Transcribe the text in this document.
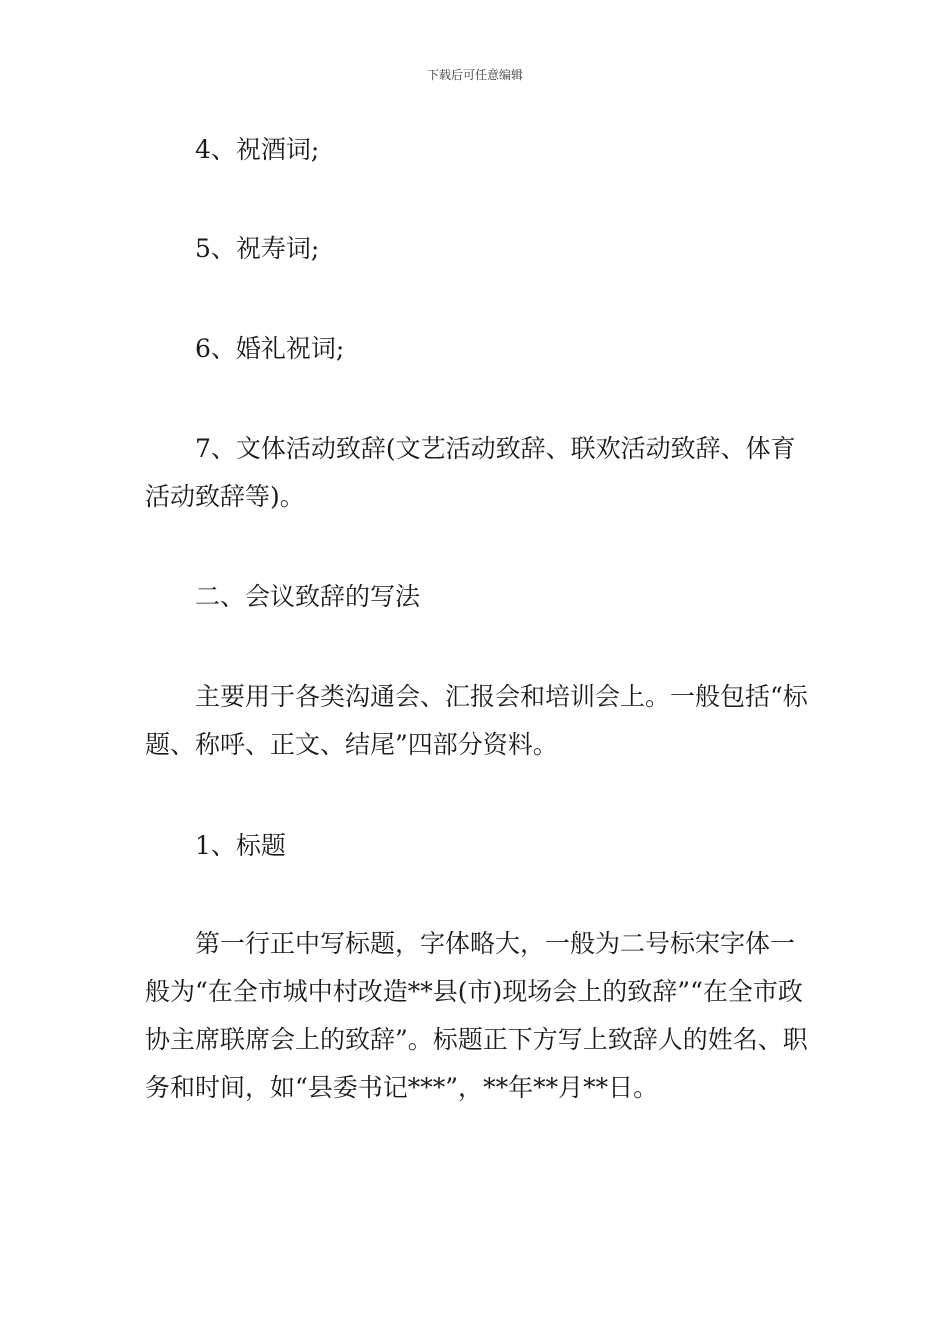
下载后可任意编辑

4、祝酒词;

5、祝寿词;

6、婚礼祝词;

7、文体活动致辞(文艺活动致辞、联欢活动致辞、体育活动致辞等)。

二、会议致辞的写法

主要用于各类沟通会、汇报会和培训会上。一般包括“标题、称呼、正文、结尾”四部分资料。

1、标题

第一行正中写标题，字体略大，一般为二号标宋字体一般为“在全市城中村改造**县(市)现场会上的致辞”“在全市政协主席联席会上的致辞”。标题正下方写上致辞人的姓名、职务和时间，如“县委书记***”，**年**月**日。
